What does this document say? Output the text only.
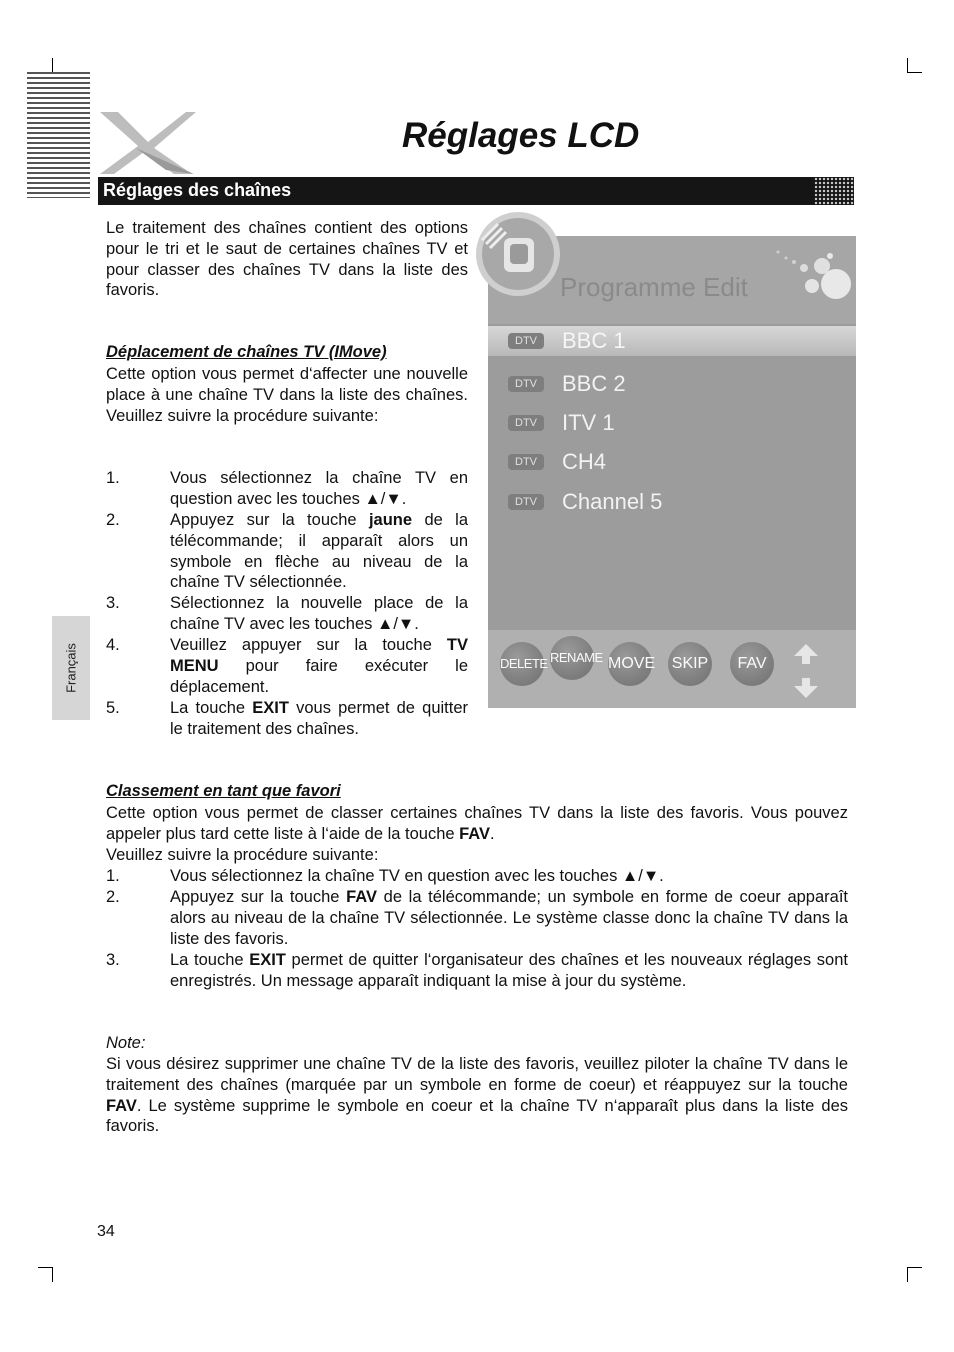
Réglages LCD
Réglages des chaînes
Le traitement des chaînes contient des options pour le tri et le saut de certaines chaînes TV et pour classer des chaînes TV dans la liste des favoris.
Déplacement de chaînes TV (IMove)
Cette option vous permet d‘affecter une nouvelle place à une chaîne TV dans la liste des chaînes. Veuillez suivre la procédure suivante:
1.	Vous sélectionnez la chaîne TV en question avec les touches ▲/▼.
2.	Appuyez sur la touche jaune de la télécommande; il apparaît alors un symbole en flèche au niveau de la chaîne TV sélectionnée.
3.	Sélectionnez la nouvelle place de la chaîne TV avec les touches ▲/▼.
4.	Veuillez appuyer sur la touche TV MENU pour faire exécuter le déplacement.
5.	La touche EXIT vous permet de quitter le traitement des chaînes.
Programme Edit
DTV	BBC 1
DTV	BBC 2
DTV	ITV 1
DTV	CH4
DTV	Channel 5
DELETE RENAME MOVE SKIP	FAV
Classement en tant que favori
Cette option vous permet de classer certaines chaînes TV dans la liste des favoris. Vous pouvez appeler plus tard cette liste à l‘aide de la touche FAV.
Veuillez suivre la procédure suivante:
1.	Vous sélectionnez la chaîne TV en question avec les touches ▲/▼.
2.	Appuyez sur la touche FAV de la télécommande; un symbole en forme de coeur apparaît alors au niveau de la chaîne TV sélectionnée. Le système classe donc la chaîne TV dans la liste des favoris.
3.	La touche EXIT permet de quitter l‘organisateur des chaînes et les nouveaux réglages sont enregistrés. Un message apparaît indiquant la mise à jour du système.
Note:
Si vous désirez supprimer une chaîne TV de la liste des favoris, veuillez piloter la chaîne TV dans le traitement des chaînes (marquée par un symbole en forme de coeur) et réappuyez sur la touche FAV. Le système supprime le symbole en coeur et la chaîne TV n‘apparaît plus dans la liste des favoris.
Français
34
